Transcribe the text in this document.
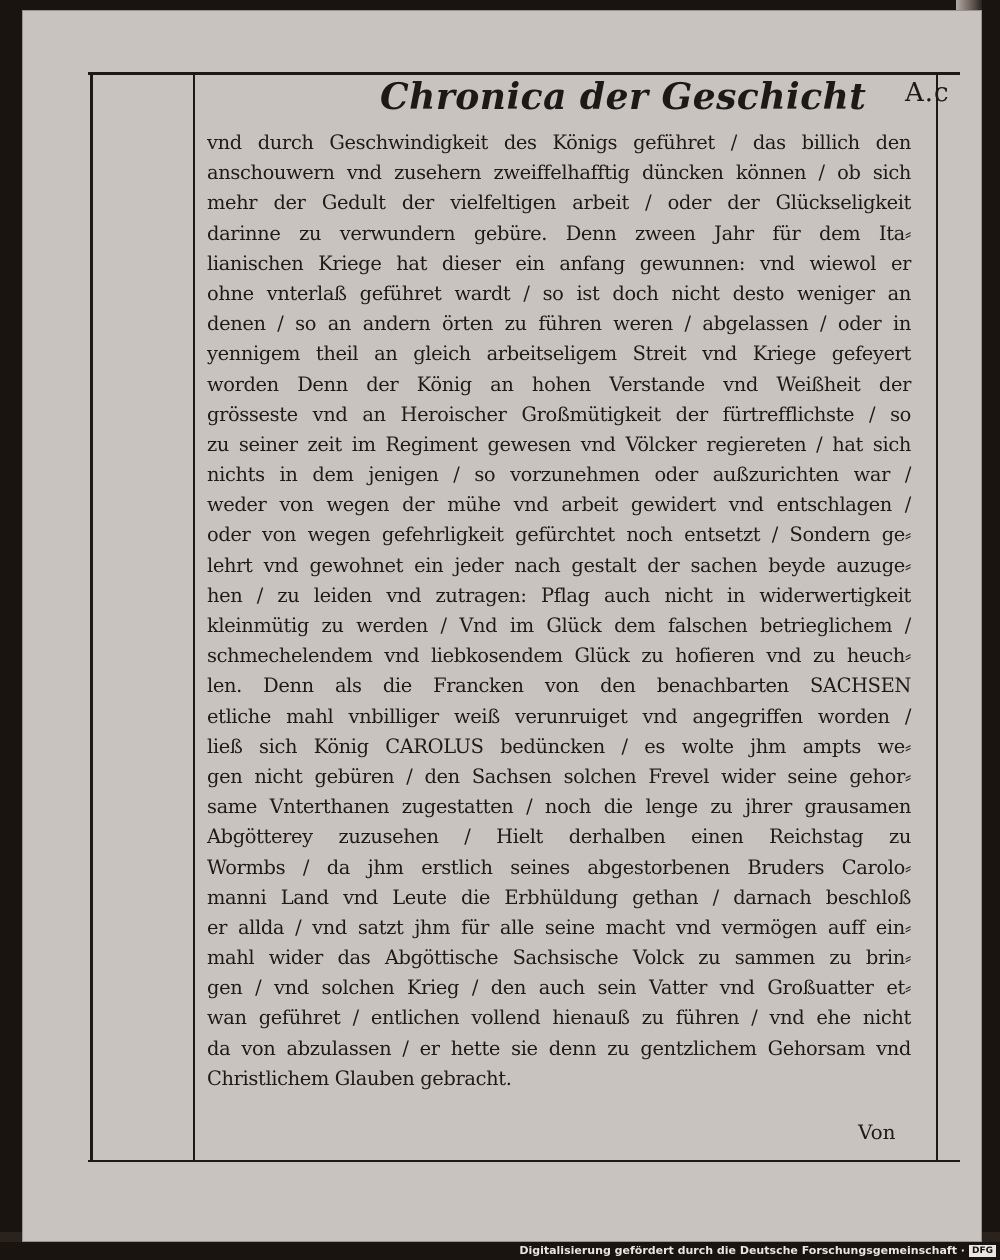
Chronica der Geschicht A.c
vnd durch Geschwindigkeit des Königs geführet / das billich den
anschouwern vnd zusehern zweiffelhafftig düncken können / ob sich
mehr der Gedult der vielfeltigen arbeit / oder der Glückseligkeit
darinne zu verwundern gebüre. Denn zween Jahr für dem Ita⸗
lianischen Kriege hat dieser ein anfang gewunnen: vnd wiewol er
ohne vnterlaß geführet wardt / so ist doch nicht desto weniger an
denen / so an andern örten zu führen weren / abgelassen / oder in
yennigem theil an gleich arbeitseligem Streit vnd Kriege gefeyert
worden Denn der König an hohen Verstande vnd Weißheit der
grösseste vnd an Heroischer Großmütigkeit der fürtrefflichste / so
zu seiner zeit im Regiment gewesen vnd Völcker regiereten / hat sich
nichts in dem jenigen / so vorzunehmen oder außzurichten war /
weder von wegen der mühe vnd arbeit gewidert vnd entschlagen /
oder von wegen gefehrligkeit gefürchtet noch entsetzt / Sondern ge⸗
lehrt vnd gewohnet ein jeder nach gestalt der sachen beyde auzuge⸗
hen / zu leiden vnd zutragen: Pflag auch nicht in widerwertigkeit
kleinmütig zu werden / Vnd im Glück dem falschen betrieglichem /
schmechelendem vnd liebkosendem Glück zu hofieren vnd zu heuch⸗
len. Denn als die Francken von den benachbarten SACHSEN
etliche mahl vnbilliger weiß verunruiget vnd angegriffen worden /
ließ sich König CAROLUS bedüncken / es wolte jhm ampts we⸗
gen nicht gebüren / den Sachsen solchen Frevel wider seine gehor⸗
same Vnterthanen zugestatten / noch die lenge zu jhrer grausamen
Abgötterey zuzusehen / Hielt derhalben einen Reichstag zu
Wormbs / da jhm erstlich seines abgestorbenen Bruders Carolo⸗
manni Land vnd Leute die Erbhüldung gethan / darnach beschloß
er allda / vnd satzt jhm für alle seine macht vnd vermögen auff ein⸗
mahl wider das Abgöttische Sachsische Volck zu sammen zu brin⸗
gen / vnd solchen Krieg / den auch sein Vatter vnd Großuatter et⸗
wan geführet / entlichen vollend hienauß zu führen / vnd ehe nicht
da von abzulassen / er hette sie denn zu gentzlichem Gehorsam vnd
Christlichem Glauben gebracht.
Von
Digitalisierung gefördert durch die Deutsche Forschungsgemeinschaft · DFG
